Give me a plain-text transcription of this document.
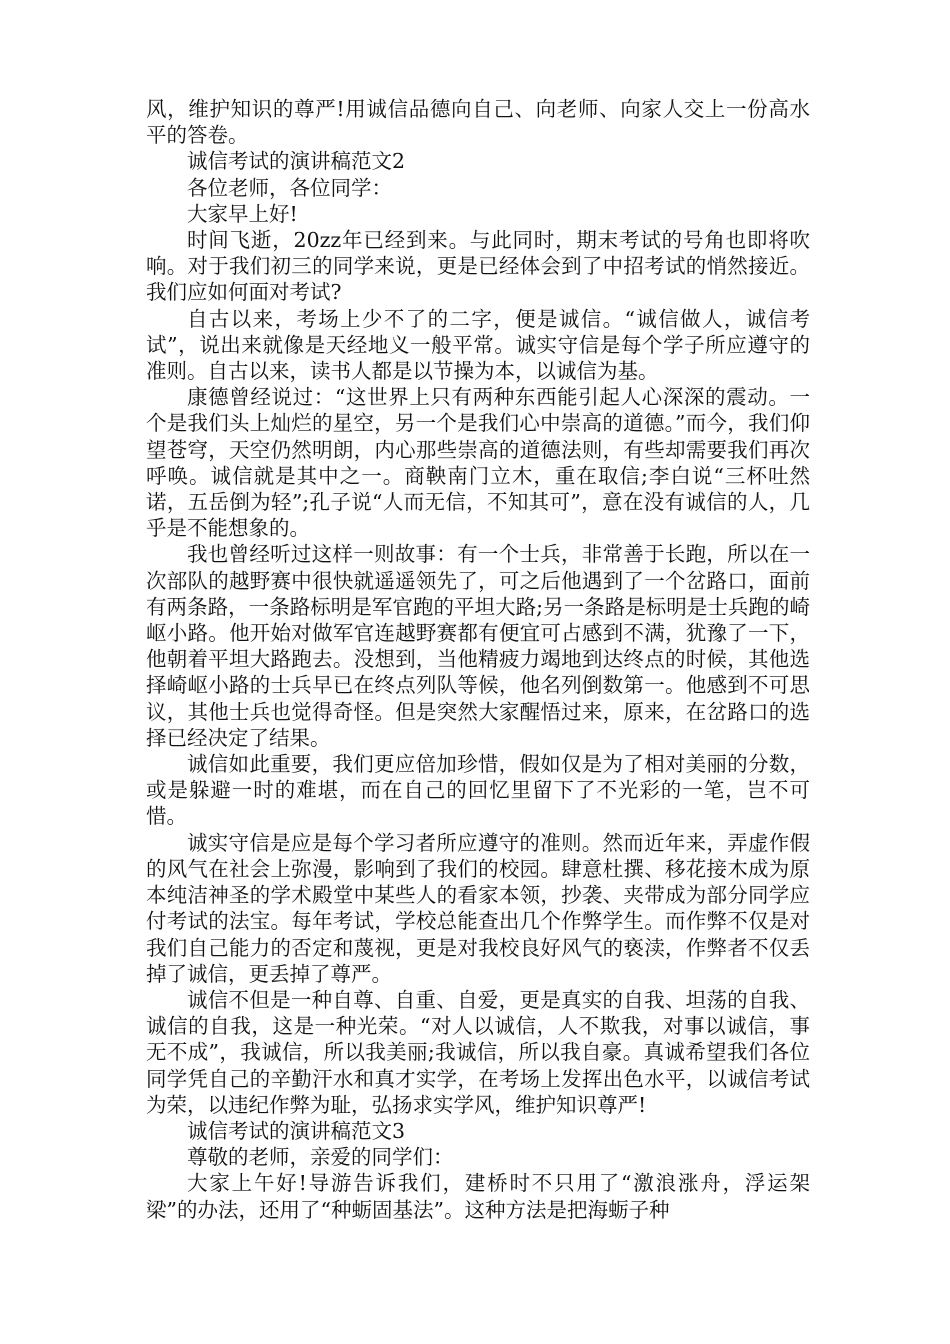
风，维护知识的尊严!用诚信品德向自己、向老师、向家人交上一份高水平的答卷。

诚信考试的演讲稿范文2

各位老师，各位同学：

大家早上好!

时间飞逝，20zz年已经到来。与此同时，期末考试的号角也即将吹响。对于我们初三的同学来说，更是已经体会到了中招考试的悄然接近。我们应如何面对考试?

自古以来，考场上少不了的二字，便是诚信。“诚信做人，诚信考试”，说出来就像是天经地义一般平常。诚实守信是每个学子所应遵守的准则。自古以来，读书人都是以节操为本，以诚信为基。

康德曾经说过：“这世界上只有两种东西能引起人心深深的震动。一个是我们头上灿烂的星空，另一个是我们心中崇高的道德。”而今，我们仰望苍穹，天空仍然明朗，内心那些崇高的道德法则，有些却需要我们再次呼唤。诚信就是其中之一。商鞅南门立木，重在取信;李白说“三杯吐然诺，五岳倒为轻”;孔子说“人而无信，不知其可”，意在没有诚信的人，几乎是不能想象的。

我也曾经听过这样一则故事：有一个士兵，非常善于长跑，所以在一次部队的越野赛中很快就遥遥领先了，可之后他遇到了一个岔路口，面前有两条路，一条路标明是军官跑的平坦大路;另一条路是标明是士兵跑的崎岖小路。他开始对做军官连越野赛都有便宜可占感到不满，犹豫了一下，他朝着平坦大路跑去。没想到，当他精疲力竭地到达终点的时候，其他选择崎岖小路的士兵早已在终点列队等候，他名列倒数第一。他感到不可思议，其他士兵也觉得奇怪。但是突然大家醒悟过来，原来，在岔路口的选择已经决定了结果。

诚信如此重要，我们更应倍加珍惜，假如仅是为了相对美丽的分数，或是躲避一时的难堪，而在自己的回忆里留下了不光彩的一笔，岂不可惜。

诚实守信是应是每个学习者所应遵守的准则。然而近年来，弄虚作假的风气在社会上弥漫，影响到了我们的校园。肆意杜撰、移花接木成为原本纯洁神圣的学术殿堂中某些人的看家本领，抄袭、夹带成为部分同学应付考试的法宝。每年考试，学校总能查出几个作弊学生。而作弊不仅是对我们自己能力的否定和蔑视，更是对我校良好风气的亵渎，作弊者不仅丢掉了诚信，更丢掉了尊严。

诚信不但是一种自尊、自重、自爱，更是真实的自我、坦荡的自我、诚信的自我，这是一种光荣。“对人以诚信，人不欺我，对事以诚信，事无不成”，我诚信，所以我美丽;我诚信，所以我自豪。真诚希望我们各位同学凭自己的辛勤汗水和真才实学，在考场上发挥出色水平，以诚信考试为荣，以违纪作弊为耻，弘扬求实学风，维护知识尊严!

诚信考试的演讲稿范文3

尊敬的老师，亲爱的同学们：

大家上午好!导游告诉我们，建桥时不只用了“激浪涨舟，浮运架梁”的办法，还用了“种蛎固基法”。这种方法是把海蛎子种
